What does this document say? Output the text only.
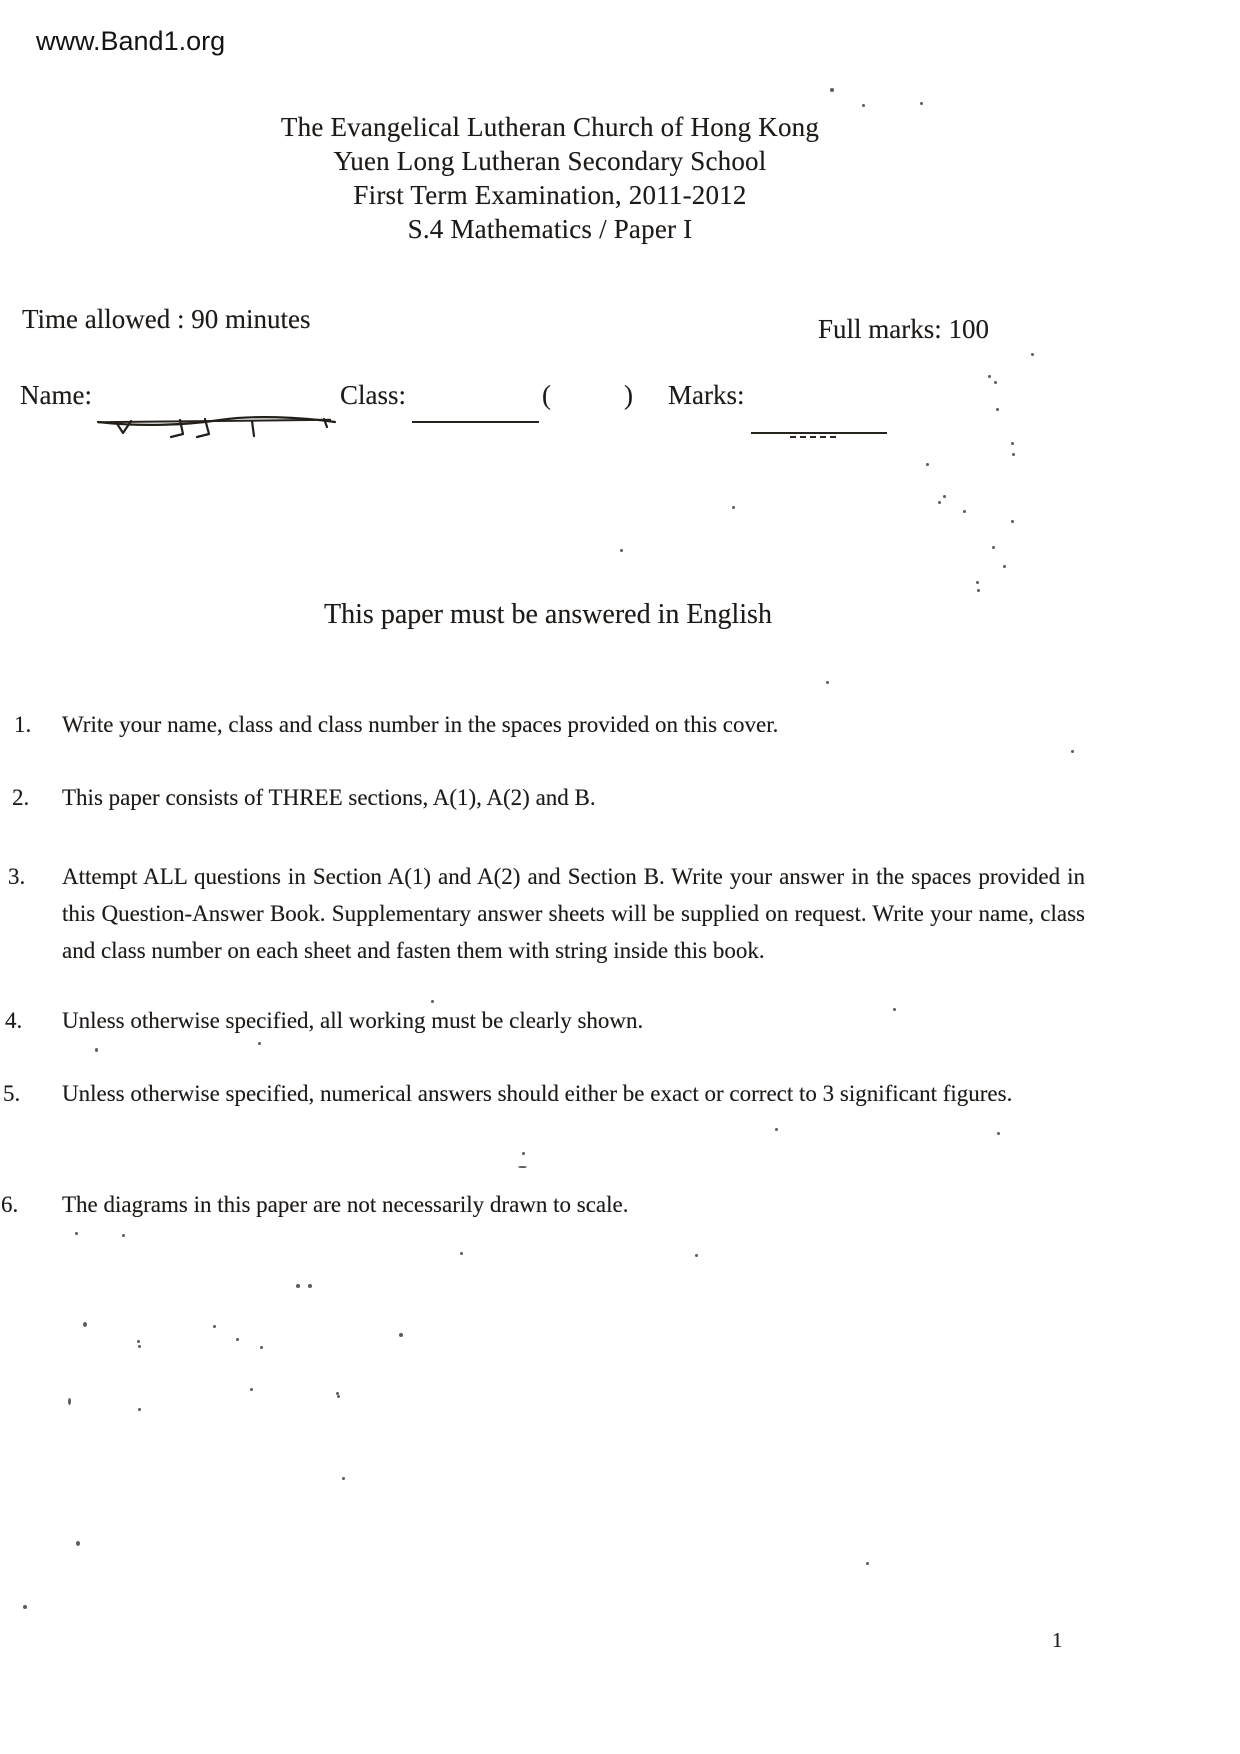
www.Band1.org
The Evangelical Lutheran Church of Hong Kong
Yuen Long Lutheran Secondary School
First Term Examination, 2011-2012
S.4 Mathematics / Paper I
Time allowed : 90 minutes	Full marks: 100
Name:	Class:	(	) Marks:
This paper must be answered in English
1. Write your name, class and class number in the spaces provided on this cover.
2. This paper consists of THREE sections, A(1), A(2) and B.
3. Attempt ALL questions in Section A(1) and A(2) and Section B. Write your answer in the spaces provided in this Question-Answer Book. Supplementary answer sheets will be supplied on request. Write your name, class and class number on each sheet and fasten them with string inside this book.
4. Unless otherwise specified, all working must be clearly shown.
5. Unless otherwise specified, numerical answers should either be exact or correct to 3 significant figures.
6. The diagrams in this paper are not necessarily drawn to scale.
1
